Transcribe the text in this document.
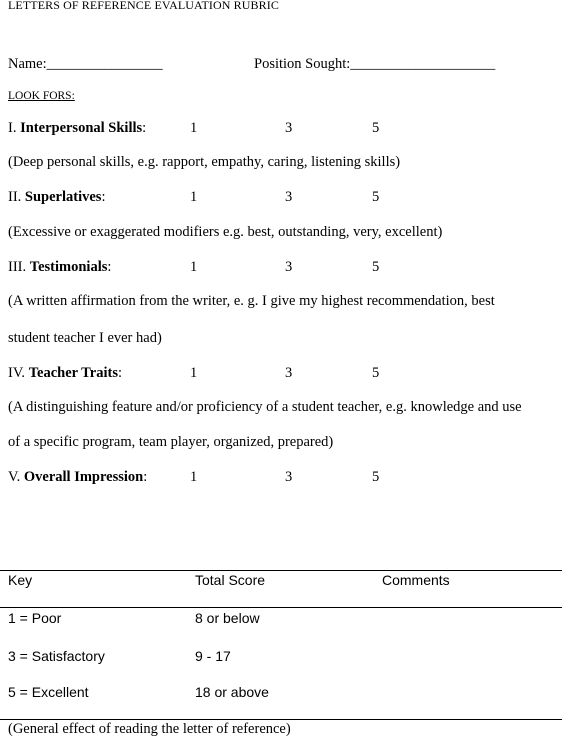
LETTERS OF REFERENCE EVALUATION RUBRIC
Name:________________	Position Sought:____________________
LOOK FORS:
I. Interpersonal Skills:	1	3	5
(Deep personal skills, e.g. rapport, empathy, caring, listening skills)
II. Superlatives:	1	3	5
(Excessive or exaggerated modifiers e.g. best, outstanding, very, excellent)
III. Testimonials:	1	3	5
(A written affirmation from the writer, e. g. I give my highest recommendation, best
student teacher I ever had)
IV. Teacher Traits:	1	3	5
(A distinguishing feature and/or proficiency of a student teacher, e.g. knowledge and use
of a specific program, team player, organized, prepared)
V. Overall Impression:	1	3	5
Key	Total Score	Comments
1 = Poor	8 or below
3 = Satisfactory	9 - 17
5 = Excellent	18 or above
(General effect of reading the letter of reference)
